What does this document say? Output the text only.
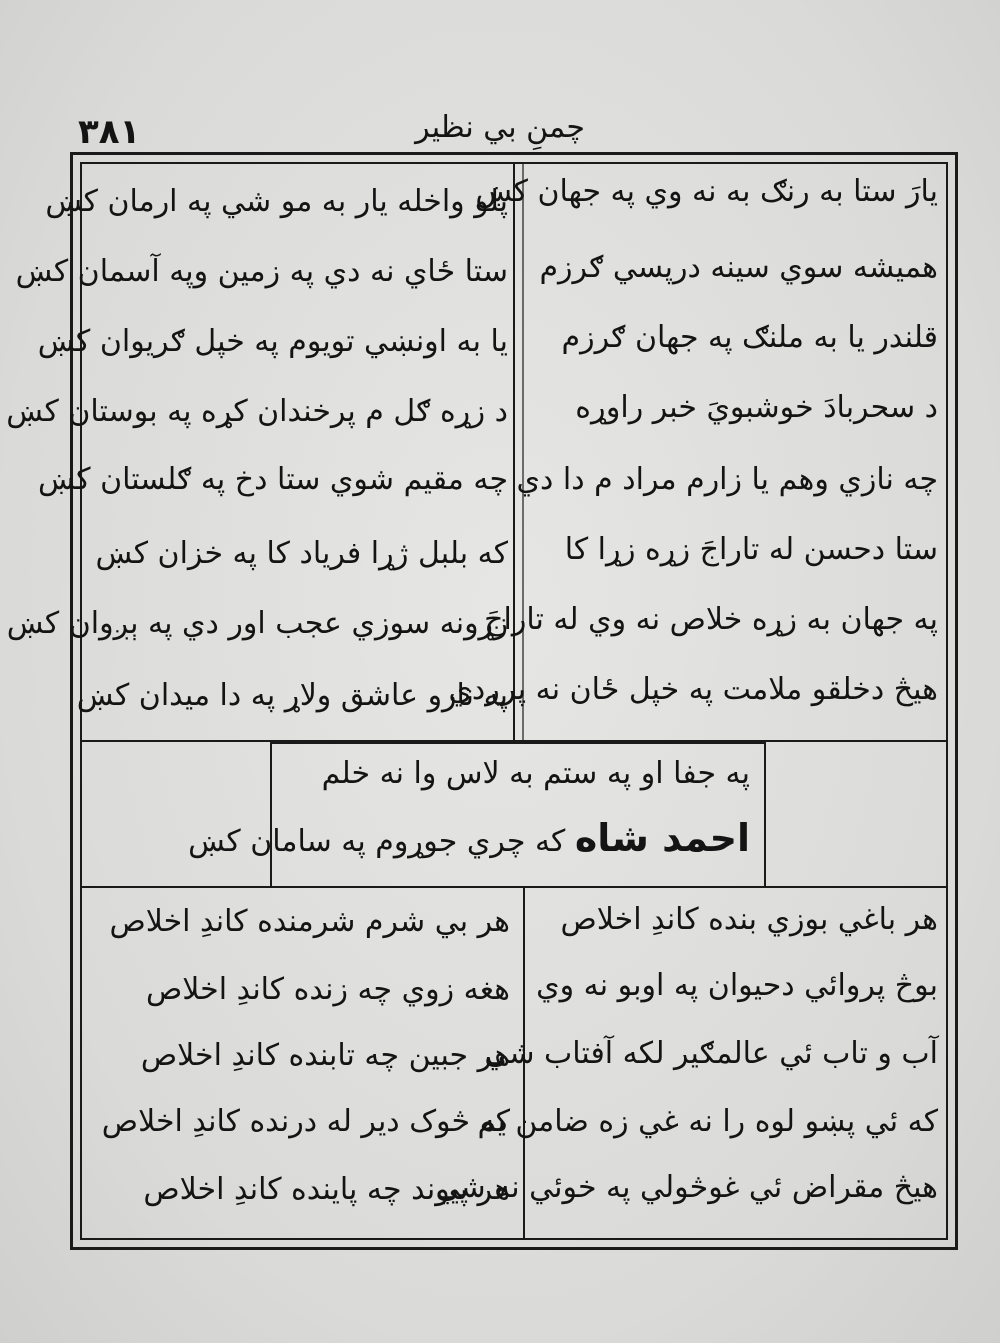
چمنِ بي نظير
۳۸۱
په جفا او په ستم به لاس وا نه خلم
احمد شاه که چري جوړوم په سامان کښ
يارَ ستا به رنګ به نه وي په جهان کښ
هميشه سوي سينه درپسي ګرزم
قلندر يا به ملنګ په جهان ګرزم
د سحربادَ خوشبويَ خبر راوړه
چه نازي وهم يا زارم مراد م دا دي
ستا دحسن له تاراجَ زړه زړا کا
په جهان به زړه خلاص نه وي له تاراجَ
هيڅ دخلقو ملامت په خپل ځان نه پرږدي
پلو واخله يار به مو شي په ارمان کښ
ستا ځاي نه دي په زمين وپه آسمان کښ
يا به اونښي تويوم په خپل ګريوان کښ
د زړه ګل م پرخندان کړه په بوستان کښ
چه مقيم شوي ستا دخ په ګلستان کښ
که بلبل ژړا فرياد کا په خزان کښ
زړونه سوزي عجب اور دي په ېږوان کښ
په نارو عاشق ولاړ په دا ميدان کښ
هر باغي بوزي بنده کاندِ اخلاص
بوڅ پروائي دحيوان په اوبو نه وي
آب و تاب ئي عالمګير لکه آفتاب شي
که ئي پښو لوه را نه غي زه ضامن يم
هيڅ مقراض ئي غوڅولي په خوئي نه شي
هر بي شرم شرمنده کاندِ اخلاص
هغه زوي چه زنده کاندِ اخلاص
هر جبين چه تابنده کاندِ اخلاص
که څوک دير له درنده کاندِ اخلاص
هر پيوند چه پاينده کاندِ اخلاص
